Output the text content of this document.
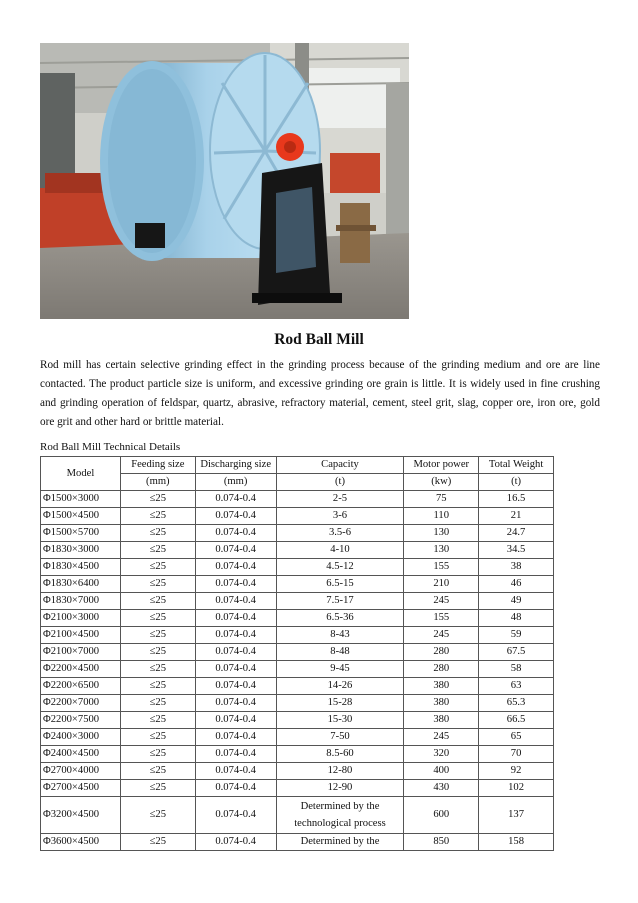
Rod Ball Mill

Rod mill has certain selective grinding effect in the grinding process because of the grinding medium and ore are line contacted. The product particle size is uniform, and excessive grinding ore grain is little. It is widely used in fine crushing and grinding operation of feldspar, quartz, abrasive, refractory material, cement, steel grit, slag, copper ore, iron ore, gold ore grit and other hard or brittle material.

Rod Ball Mill Technical Details
Model	Feeding size	Discharging size	Capacity	Motor power	Total Weight
	(mm)	(mm)	(t)	(kw)	(t)
Φ1500×3000	≤25	0.074-0.4	2-5	75	16.5
Φ1500×4500	≤25	0.074-0.4	3-6	110	21
Φ1500×5700	≤25	0.074-0.4	3.5-6	130	24.7
Φ1830×3000	≤25	0.074-0.4	4-10	130	34.5
Φ1830×4500	≤25	0.074-0.4	4.5-12	155	38
Φ1830×6400	≤25	0.074-0.4	6.5-15	210	46
Φ1830×7000	≤25	0.074-0.4	7.5-17	245	49
Φ2100×3000	≤25	0.074-0.4	6.5-36	155	48
Φ2100×4500	≤25	0.074-0.4	8-43	245	59
Φ2100×7000	≤25	0.074-0.4	8-48	280	67.5
Φ2200×4500	≤25	0.074-0.4	9-45	280	58
Φ2200×6500	≤25	0.074-0.4	14-26	380	63
Φ2200×7000	≤25	0.074-0.4	15-28	380	65.3
Φ2200×7500	≤25	0.074-0.4	15-30	380	66.5
Φ2400×3000	≤25	0.074-0.4	7-50	245	65
Φ2400×4500	≤25	0.074-0.4	8.5-60	320	70
Φ2700×4000	≤25	0.074-0.4	12-80	400	92
Φ2700×4500	≤25	0.074-0.4	12-90	430	102
Φ3200×4500	≤25	0.074-0.4	Determined by the technological process	600	137
Φ3600×4500	≤25	0.074-0.4	Determined by the	850	158
